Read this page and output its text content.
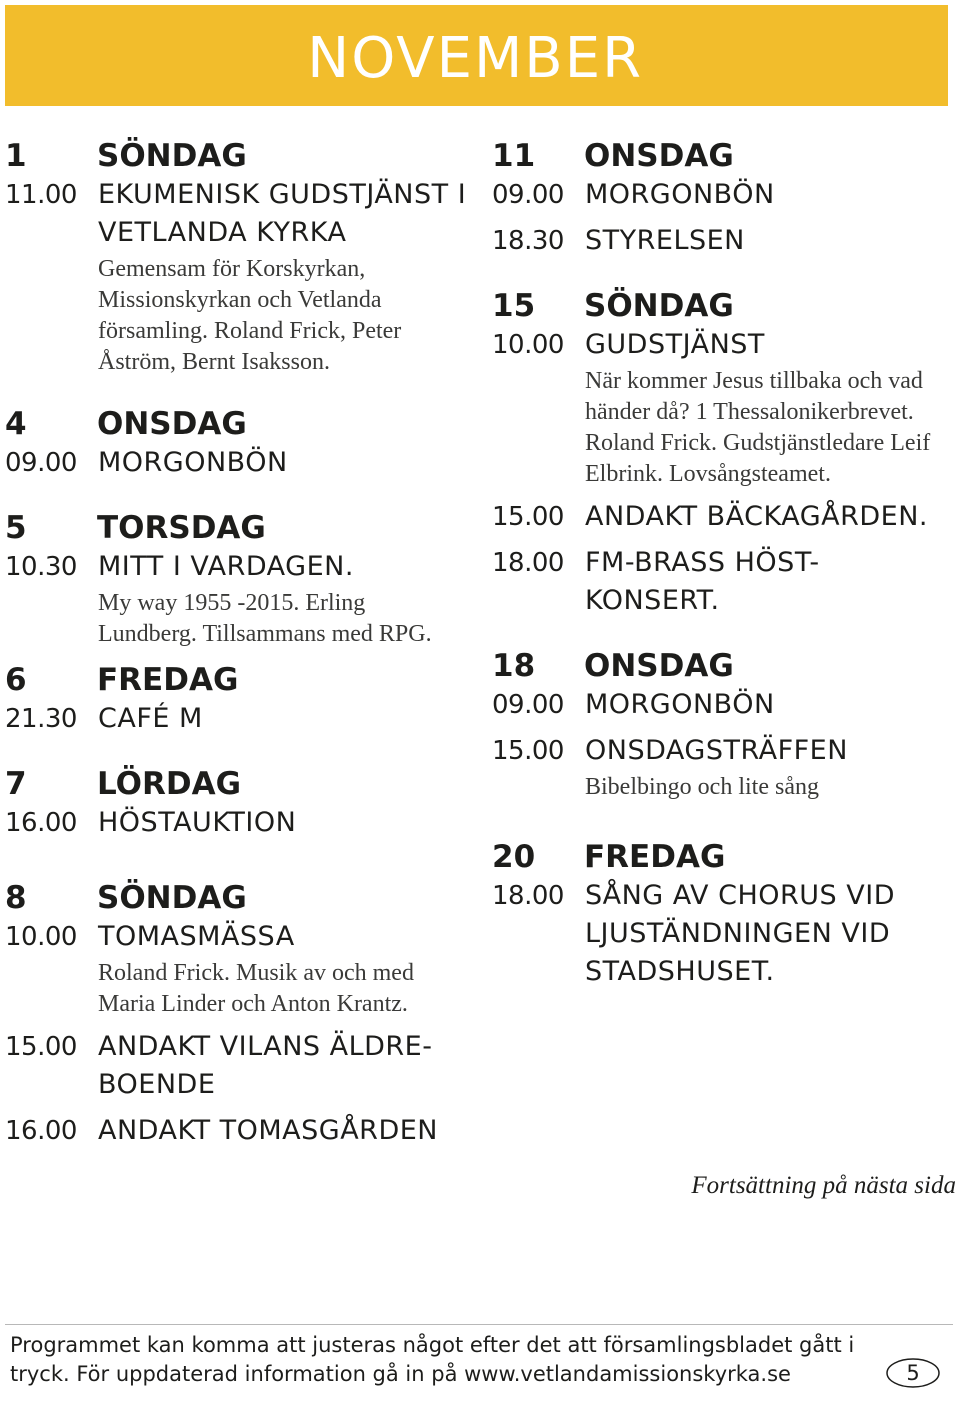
NOVEMBER
1	SÖNDAG
11.00 EKUMENISK GUDSTJÄNST I VETLANDA KYRKA
Gemensam för Korskyrkan, Missionskyrkan och Vetlanda församling. Roland Frick, Peter Åström, Bernt Isaksson.
4	ONSDAG
09.00 MORGONBÖN
5	TORSDAG
10.30 MITT I VARDAGEN.
My way 1955 -2015. Erling Lundberg. Tillsammans med RPG.
6	FREDAG
21.30 CAFÉ M
7	LÖRDAG
16.00 HÖSTAUKTION
8	SÖNDAG
10.00 TOMASMÄSSA
Roland Frick. Musik av och med Maria Linder och Anton Krantz.
15.00 ANDAKT VILANS ÄLDRE-BOENDE
16.00 ANDAKT TOMASGÅRDEN
11	ONSDAG
09.00 MORGONBÖN
18.30 STYRELSEN
15	SÖNDAG
10.00 GUDSTJÄNST
När kommer Jesus tillbaka och vad händer då? 1 Thessalonikerbrevet. Roland Frick. Gudstjänstledare Leif Elbrink. Lovsångsteamet.
15.00 ANDAKT BÄCKAGÅRDEN.
18.00 FM-BRASS HÖST-KONSERT.
18	ONSDAG
09.00 MORGONBÖN
15.00 ONSDAGSTRÄFFEN
Bibelbingo och lite sång
20	FREDAG
18.00 SÅNG AV CHORUS VID LJUSTÄNDNINGEN VID STADSHUSET.
Fortsättning på nästa sida
Programmet kan komma att justeras något efter det att församlingsbladet gått i tryck. För uppdaterad information gå in på www.vetlandamissionskyrka.se	5
